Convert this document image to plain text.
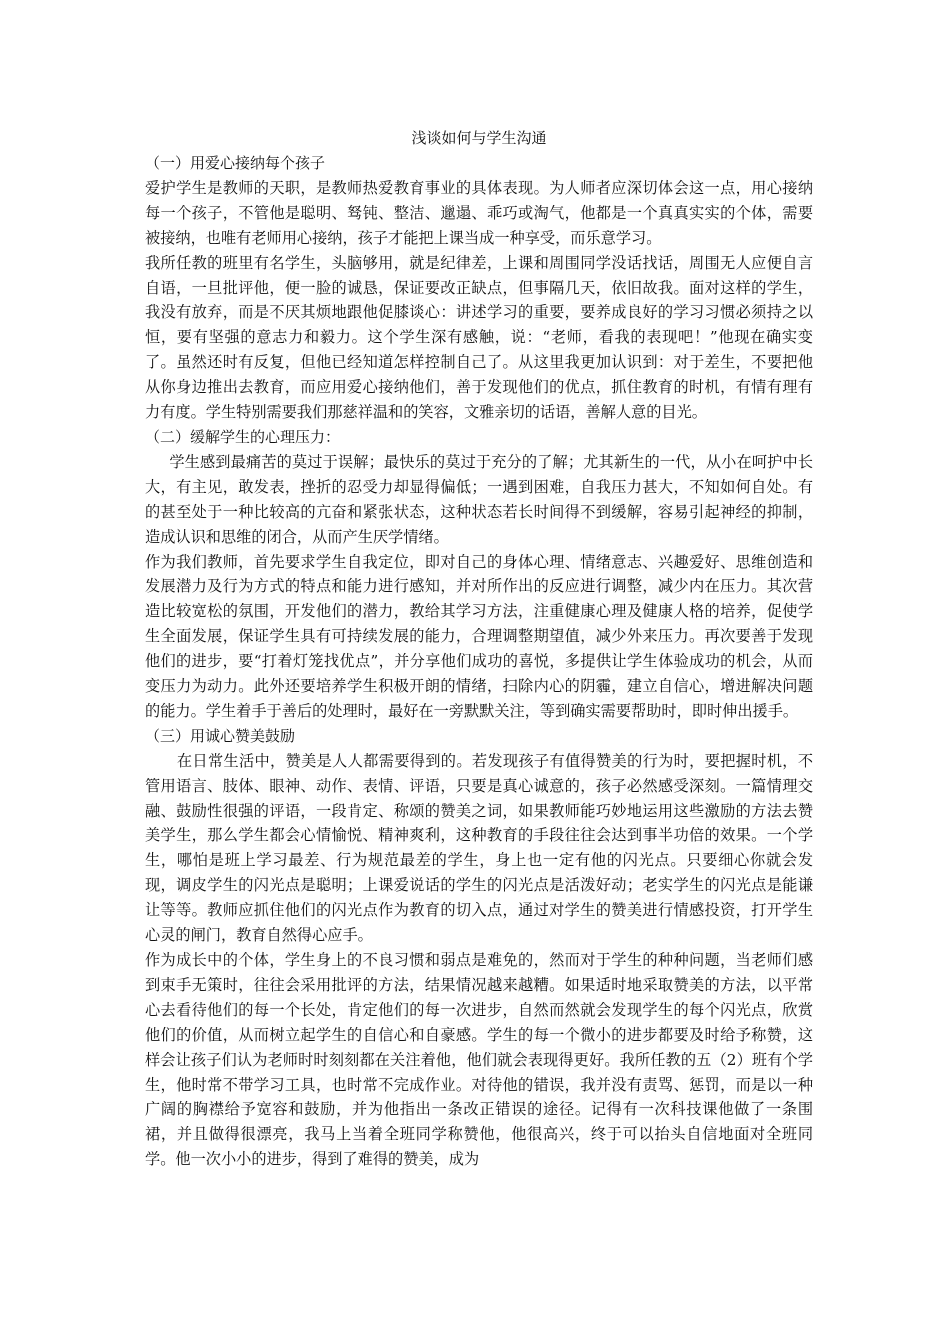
浅谈如何与学生沟通
（一）用爱心接纳每个孩子

爱护学生是教师的天职，是教师热爱教育事业的具体表现。为人师者应深切体会这一点，用心接纳每一个孩子，不管他是聪明、驽钝、整洁、邋遢、乖巧或淘气，他都是一个真真实实的个体，需要被接纳，也唯有老师用心接纳，孩子才能把上课当成一种享受，而乐意学习。

我所任教的班里有名学生，头脑够用，就是纪律差，上课和周围同学没话找话，周围无人应便自言自语，一旦批评他，便一脸的诚恳，保证要改正缺点，但事隔几天，依旧故我。面对这样的学生，我没有放弃，而是不厌其烦地跟他促膝谈心：讲述学习的重要，要养成良好的学习习惯必须持之以恒，要有坚强的意志力和毅力。这个学生深有感触，说：“老师，看我的表现吧！”他现在确实变了。虽然还时有反复，但他已经知道怎样控制自己了。从这里我更加认识到：对于差生，不要把他从你身边推出去教育，而应用爱心接纳他们，善于发现他们的优点，抓住教育的时机，有情有理有力有度。学生特别需要我们那慈祥温和的笑容，文雅亲切的话语，善解人意的目光。

（二）缓解学生的心理压力：

学生感到最痛苦的莫过于误解；最快乐的莫过于充分的了解；尤其新生的一代，从小在呵护中长大，有主见，敢发表，挫折的忍受力却显得偏低；一遇到困难，自我压力甚大，不知如何自处。有的甚至处于一种比较高的亢奋和紧张状态，这种状态若长时间得不到缓解，容易引起神经的抑制，造成认识和思维的闭合，从而产生厌学情绪。

作为我们教师，首先要求学生自我定位，即对自己的身体心理、情绪意志、兴趣爱好、思维创造和发展潜力及行为方式的特点和能力进行感知，并对所作出的反应进行调整，减少内在压力。其次营造比较宽松的氛围，开发他们的潜力，教给其学习方法，注重健康心理及健康人格的培养，促使学生全面发展，保证学生具有可持续发展的能力，合理调整期望值，减少外来压力。再次要善于发现他们的进步，要“打着灯笼找优点”，并分享他们成功的喜悦，多提供让学生体验成功的机会，从而变压力为动力。此外还要培养学生积极开朗的情绪，扫除内心的阴霾，建立自信心，增进解决问题的能力。学生着手于善后的处理时，最好在一旁默默关注，等到确实需要帮助时，即时伸出援手。

（三）用诚心赞美鼓励

在日常生活中，赞美是人人都需要得到的。若发现孩子有值得赞美的行为时，要把握时机，不管用语言、肢体、眼神、动作、表情、评语，只要是真心诚意的，孩子必然感受深刻。一篇情理交融、鼓励性很强的评语，一段肯定、称颂的赞美之词，如果教师能巧妙地运用这些激励的方法去赞美学生，那么学生都会心情愉悦、精神爽利，这种教育的手段往往会达到事半功倍的效果。一个学生，哪怕是班上学习最差、行为规范最差的学生，身上也一定有他的闪光点。只要细心你就会发现，调皮学生的闪光点是聪明；上课爱说话的学生的闪光点是活泼好动；老实学生的闪光点是能谦让等等。教师应抓住他们的闪光点作为教育的切入点，通过对学生的赞美进行情感投资，打开学生心灵的闸门，教育自然得心应手。

作为成长中的个体，学生身上的不良习惯和弱点是难免的，然而对于学生的种种问题，当老师们感到束手无策时，往往会采用批评的方法，结果情况越来越糟。如果适时地采取赞美的方法，以平常心去看待他们的每一个长处，肯定他们的每一次进步，自然而然就会发现学生的每个闪光点，欣赏他们的价值，从而树立起学生的自信心和自豪感。学生的每一个微小的进步都要及时给予称赞，这样会让孩子们认为老师时时刻刻都在关注着他，他们就会表现得更好。我所任教的五（2）班有个学生，他时常不带学习工具，也时常不完成作业。对待他的错误，我并没有责骂、惩罚，而是以一种广阔的胸襟给予宽容和鼓励，并为他指出一条改正错误的途径。记得有一次科技课他做了一条围裙，并且做得很漂亮，我马上当着全班同学称赞他，他很高兴，终于可以抬头自信地面对全班同学。他一次小小的进步，得到了难得的赞美，成为
